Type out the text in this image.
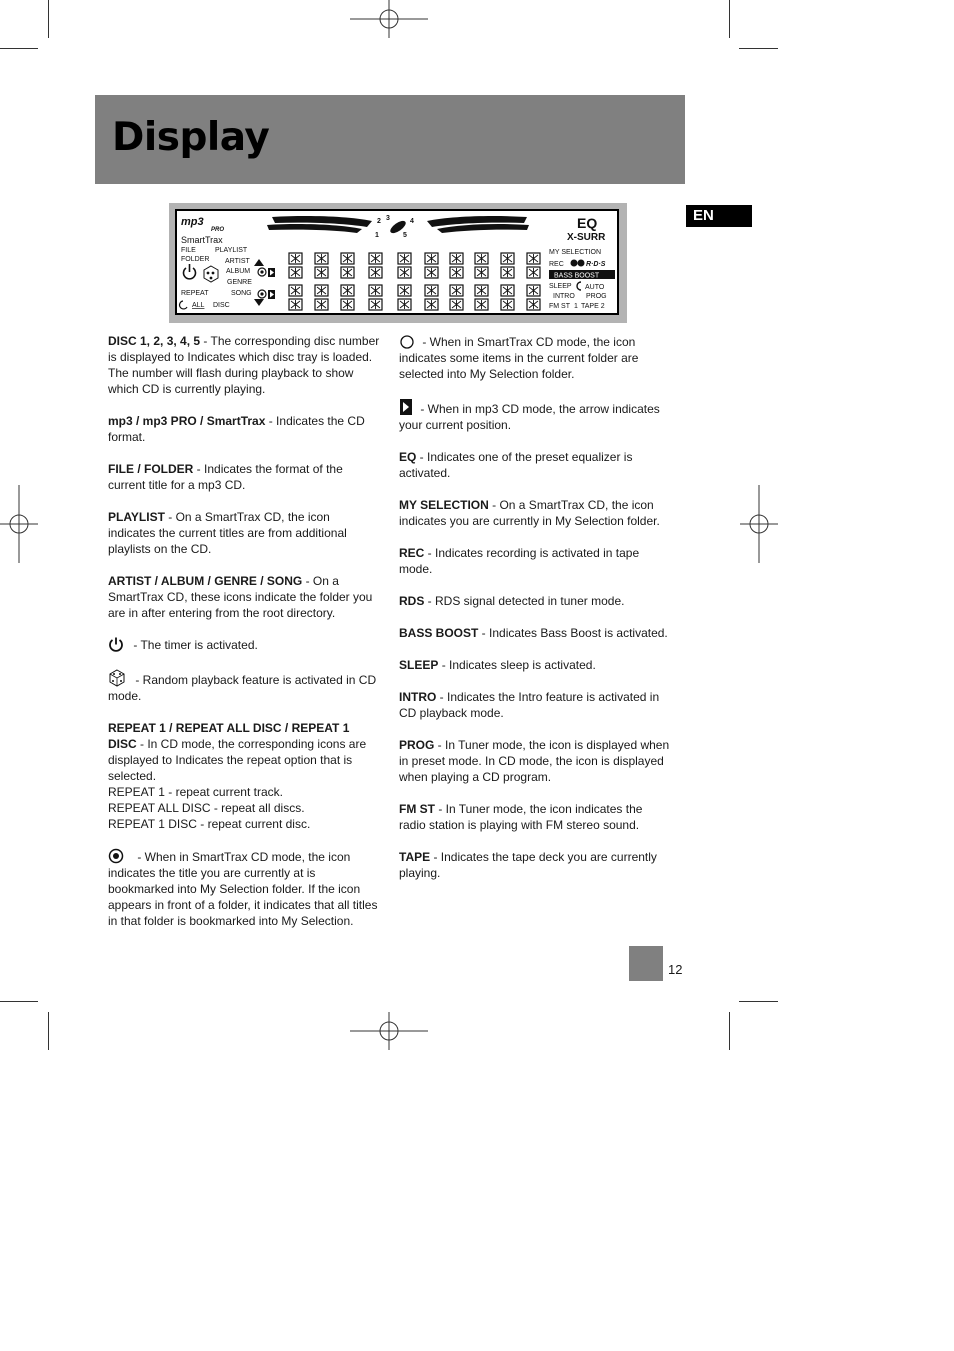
Display
EN
2 3	4
1	5
mp3
PRO
SmartTrax
FILE	PLAYLIST
FOLDER ARTIST
ALBUM
GENRE
REPEAT	SONG
ALL DISC
EQ
X-SURR
MY SELECTION
REC	R·D·S
BASS BOOST
SLEEP AUTO
INTRO PROG
FM ST 1 TAPE 2

DISC 1, 2, 3, 4, 5 - The corresponding disc number is displayed to Indicates which disc tray is loaded. The number will flash during playback to show which CD is currently playing.

mp3 / mp3 PRO / SmartTrax - Indicates the CD format.

FILE / FOLDER - Indicates the format of the current title for a mp3 CD.

PLAYLIST - On a SmartTrax CD, the icon indicates the current titles are from additional playlists on the CD.

ARTIST / ALBUM / GENRE / SONG - On a SmartTrax CD, these icons indicate the folder you are in after entering from the root directory.

- The timer is activated.

- Random playback feature is activated in CD mode.

REPEAT 1 / REPEAT ALL DISC / REPEAT 1 DISC - In CD mode, the corresponding icons are displayed to Indicates the repeat option that is selected.
REPEAT 1 - repeat current track.
REPEAT ALL DISC - repeat all discs.
REPEAT 1 DISC - repeat current disc.

- When in SmartTrax CD mode, the icon indicates the title you are currently at is bookmarked into My Selection folder. If the icon appears in front of a folder, it indicates that all titles in that folder is bookmarked into My Selection.

- When in SmartTrax CD mode, the icon indicates some items in the current folder are selected into My Selection folder.

- When in mp3 CD mode, the arrow indicates your current position.

EQ - Indicates one of the preset equalizer is activated.

MY SELECTION - On a SmartTrax CD, the icon indicates you are currently in My Selection folder.

REC - Indicates recording is activated in tape mode.

RDS - RDS signal detected in tuner mode.

BASS BOOST - Indicates Bass Boost is activated.

SLEEP - Indicates sleep is activated.

INTRO - Indicates the Intro feature is activated in CD playback mode.

PROG - In Tuner mode, the icon is displayed when in preset mode. In CD mode, the icon is displayed when playing a CD program.

FM ST - In Tuner mode, the icon indicates the radio station is playing with FM stereo sound.

TAPE - Indicates the tape deck you are currently playing.

12
